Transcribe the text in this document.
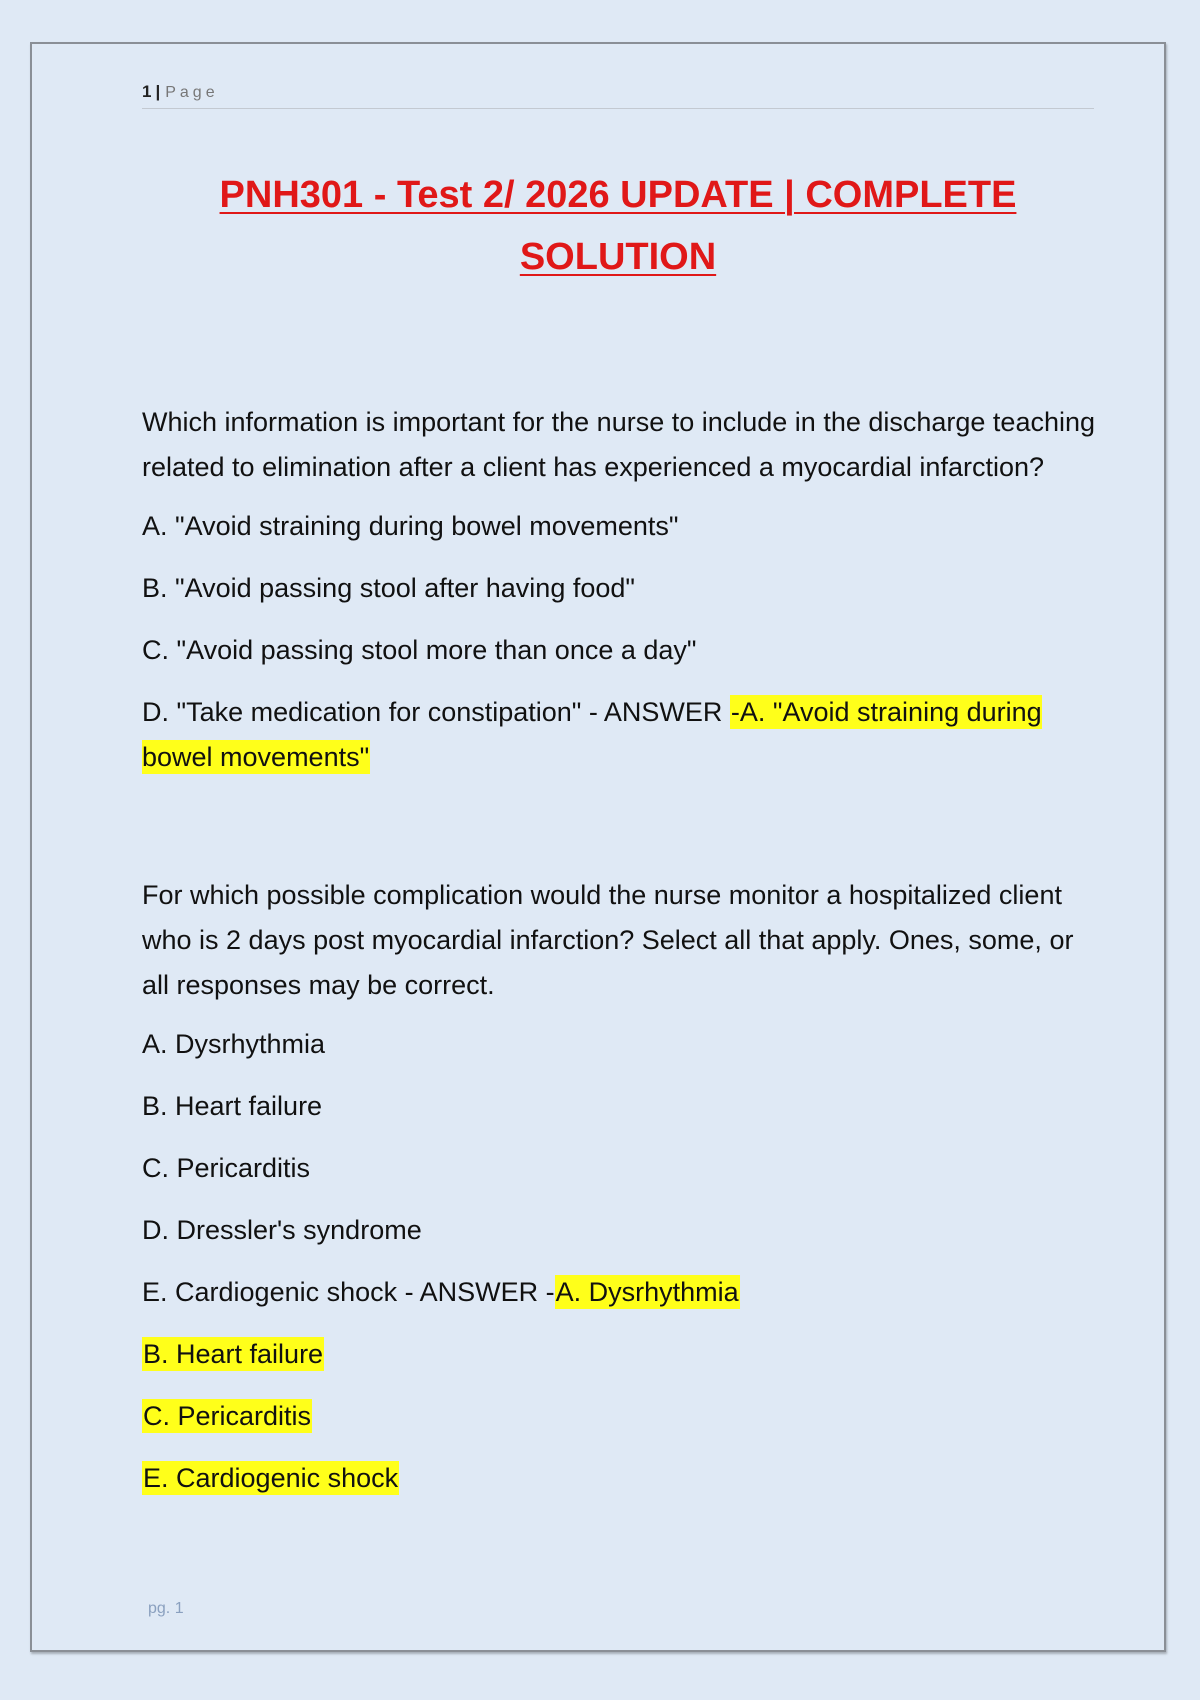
1 | Page
PNH301 - Test 2/ 2026 UPDATE | COMPLETE SOLUTION

Which information is important for the nurse to include in the discharge teaching related to elimination after a client has experienced a myocardial infarction?

A. "Avoid straining during bowel movements"

B. "Avoid passing stool after having food"

C. "Avoid passing stool more than once a day"

D. "Take medication for constipation" - ANSWER -A. "Avoid straining during bowel movements"

For which possible complication would the nurse monitor a hospitalized client who is 2 days post myocardial infarction? Select all that apply. Ones, some, or all responses may be correct.

A. Dysrhythmia

B. Heart failure

C. Pericarditis

D. Dressler's syndrome

E. Cardiogenic shock - ANSWER -A. Dysrhythmia

B. Heart failure

C. Pericarditis

E. Cardiogenic shock

pg. 1
